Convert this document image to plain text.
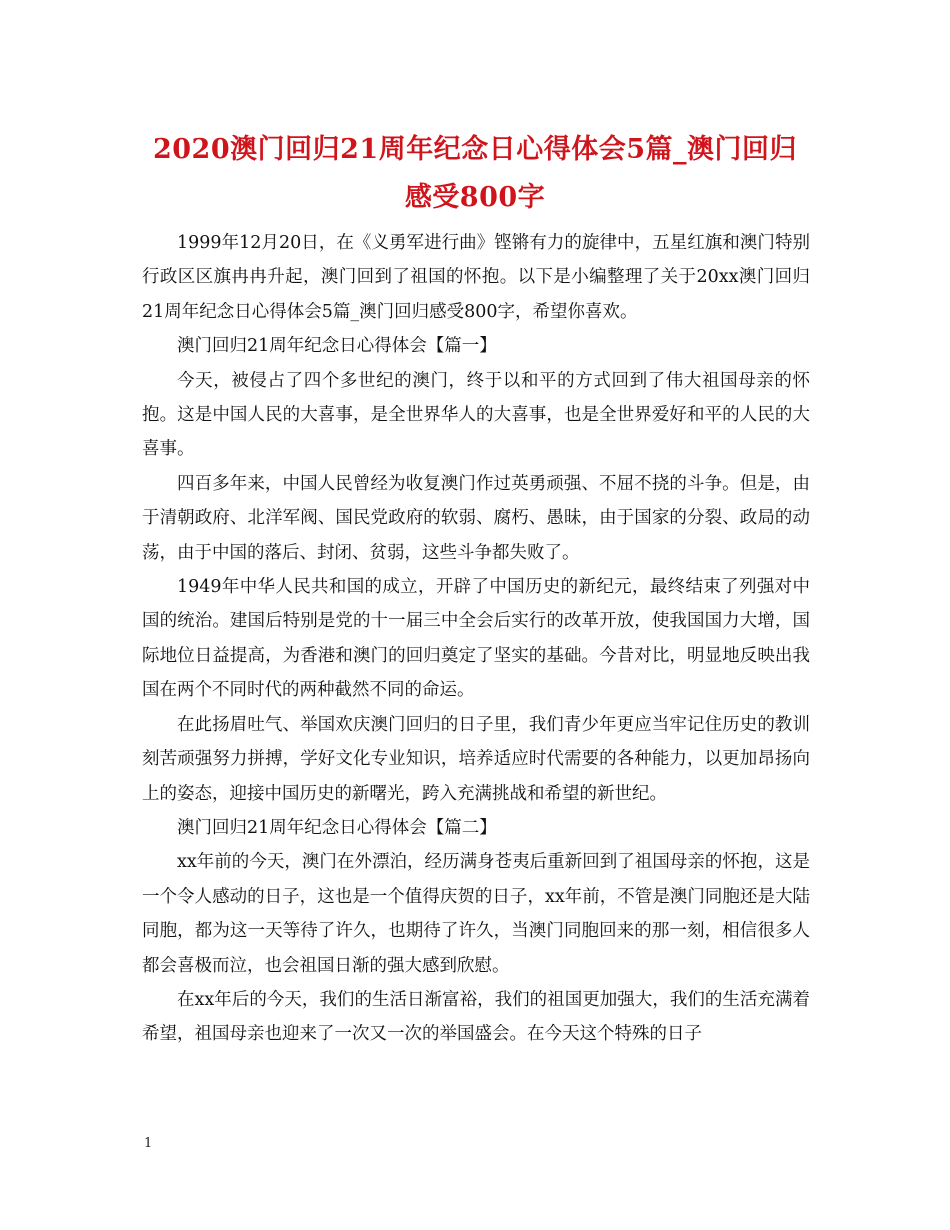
2020澳门回归21周年纪念日心得体会5篇_澳门回归感受800字

1999年12月20日，在《义勇军进行曲》铿锵有力的旋律中，五星红旗和澳门特别行政区区旗冉冉升起，澳门回到了祖国的怀抱。以下是小编整理了关于20xx澳门回归21周年纪念日心得体会5篇_澳门回归感受800字，希望你喜欢。

澳门回归21周年纪念日心得体会【篇一】

今天，被侵占了四个多世纪的澳门，终于以和平的方式回到了伟大祖国母亲的怀抱。这是中国人民的大喜事，是全世界华人的大喜事，也是全世界爱好和平的人民的大喜事。

四百多年来，中国人民曾经为收复澳门作过英勇顽强、不屈不挠的斗争。但是，由于清朝政府、北洋军阀、国民党政府的软弱、腐朽、愚昧，由于国家的分裂、政局的动荡，由于中国的落后、封闭、贫弱，这些斗争都失败了。

1949年中华人民共和国的成立，开辟了中国历史的新纪元，最终结束了列强对中国的统治。建国后特别是党的十一届三中全会后实行的改革开放，使我国国力大增，国际地位日益提高，为香港和澳门的回归奠定了坚实的基础。今昔对比，明显地反映出我国在两个不同时代的两种截然不同的命运。

在此扬眉吐气、举国欢庆澳门回归的日子里，我们青少年更应当牢记住历史的教训刻苦顽强努力拼搏，学好文化专业知识，培养适应时代需要的各种能力，以更加昂扬向上的姿态，迎接中国历史的新曙光，跨入充满挑战和希望的新世纪。

澳门回归21周年纪念日心得体会【篇二】

xx年前的今天，澳门在外漂泊，经历满身苍夷后重新回到了祖国母亲的怀抱，这是一个令人感动的日子，这也是一个值得庆贺的日子，xx年前，不管是澳门同胞还是大陆同胞，都为这一天等待了许久，也期待了许久，当澳门同胞回来的那一刻，相信很多人都会喜极而泣，也会祖国日渐的强大感到欣慰。

在xx年后的今天，我们的生活日渐富裕，我们的祖国更加强大，我们的生活充满着希望，祖国母亲也迎来了一次又一次的举国盛会。在今天这个特殊的日子

1
